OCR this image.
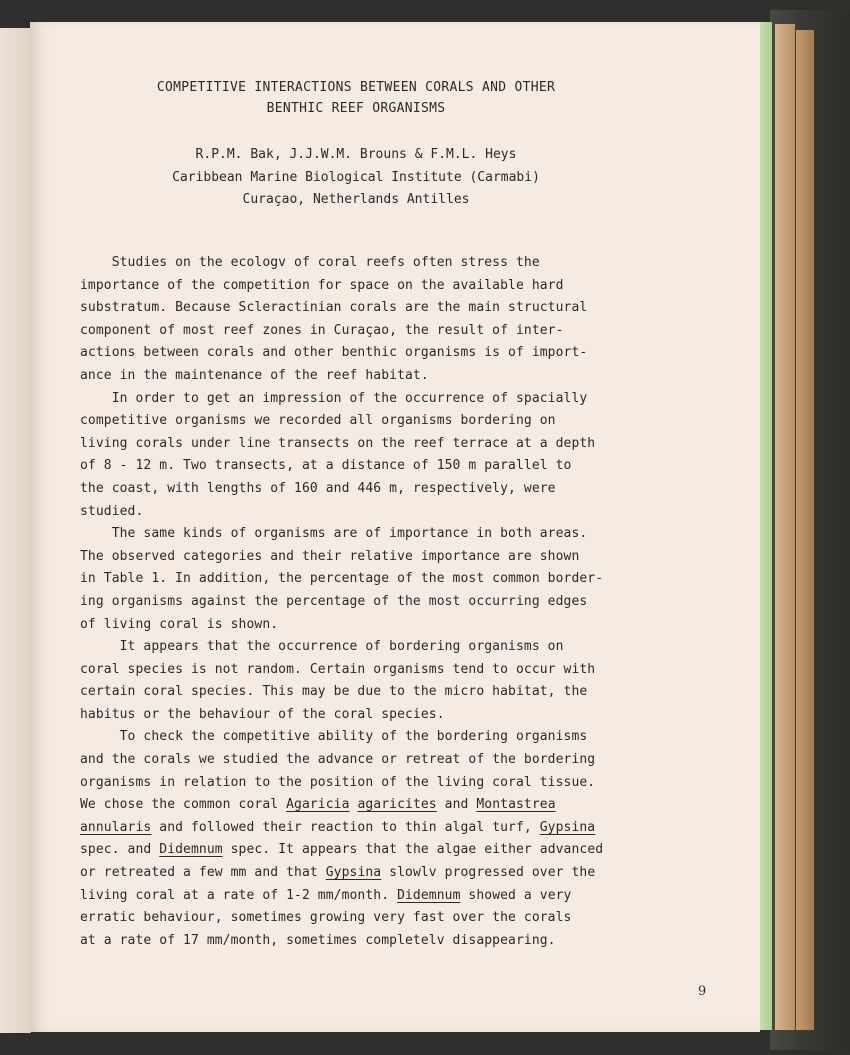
COMPETITIVE INTERACTIONS BETWEEN CORALS AND OTHER
BENTHIC REEF ORGANISMS
R.P.M. Bak, J.J.W.M. Brouns & F.M.L. Heys
Caribbean Marine Biological Institute (Carmabi)
Curaçao, Netherlands Antilles
Studies on the ecologv of coral reefs often stress the
importance of the competition for space on the available hard
substratum. Because Scleractinian corals are the main structural
component of most reef zones in Curaçao, the result of inter-
actions between corals and other benthic organisms is of import-
ance in the maintenance of the reef habitat.
In order to get an impression of the occurrence of spacially
competitive organisms we recorded all organisms bordering on
living corals under line transects on the reef terrace at a depth
of 8 - 12 m. Two transects, at a distance of 150 m parallel to
the coast, with lengths of 160 and 446 m, respectively, were
studied.
The same kinds of organisms are of importance in both areas.
The observed categories and their relative importance are shown
in Table 1. In addition, the percentage of the most common border-
ing organisms against the percentage of the most occurring edges
of living coral is shown.
It appears that the occurrence of bordering organisms on
coral species is not random. Certain organisms tend to occur with
certain coral species. This may be due to the micro habitat, the
habitus or the behaviour of the coral species.
To check the competitive ability of the bordering organisms
and the corals we studied the advance or retreat of the bordering
organisms in relation to the position of the living coral tissue.
We chose the common coral Agaricia agaricites and Montastrea
annularis and followed their reaction to thin algal turf, Gypsina
spec. and Didemnum spec. It appears that the algae either advanced
or retreated a few mm and that Gypsina slowlv progressed over the
living coral at a rate of 1-2 mm/month. Didemnum showed a very
erratic behaviour, sometimes growing very fast over the corals
at a rate of 17 mm/month, sometimes completelv disappearing.
9
